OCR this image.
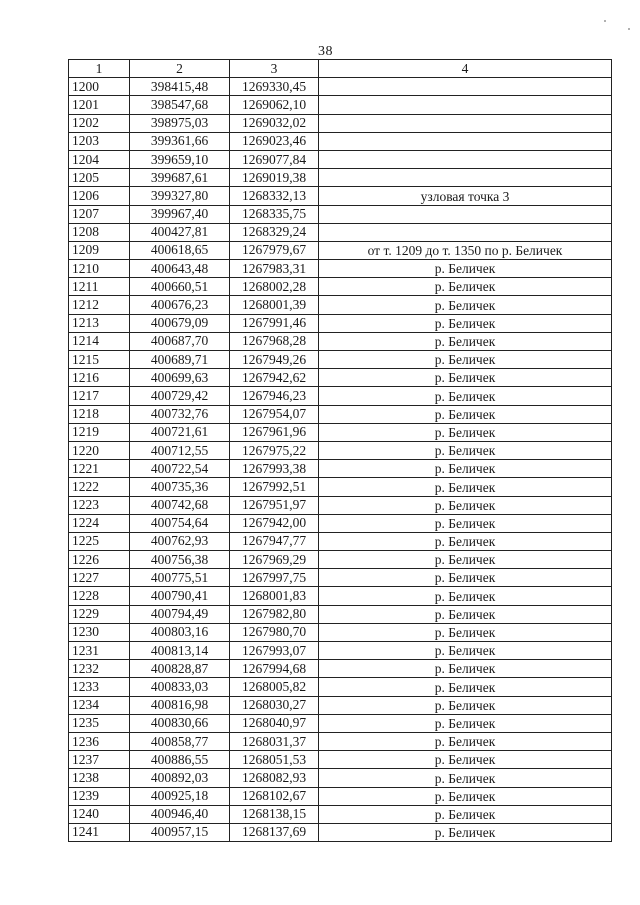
38
1	2	3	4
1200	398415,48	1269330,45	
1201	398547,68	1269062,10	
1202	398975,03	1269032,02	
1203	399361,66	1269023,46	
1204	399659,10	1269077,84	
1205	399687,61	1269019,38	
1206	399327,80	1268332,13	узловая точка 3
1207	399967,40	1268335,75	
1208	400427,81	1268329,24	
1209	400618,65	1267979,67	от т. 1209 до т. 1350 по р. Беличек
1210	400643,48	1267983,31	р. Беличек
1211	400660,51	1268002,28	р. Беличек
1212	400676,23	1268001,39	р. Беличек
1213	400679,09	1267991,46	р. Беличек
1214	400687,70	1267968,28	р. Беличек
1215	400689,71	1267949,26	р. Беличек
1216	400699,63	1267942,62	р. Беличек
1217	400729,42	1267946,23	р. Беличек
1218	400732,76	1267954,07	р. Беличек
1219	400721,61	1267961,96	р. Беличек
1220	400712,55	1267975,22	р. Беличек
1221	400722,54	1267993,38	р. Беличек
1222	400735,36	1267992,51	р. Беличек
1223	400742,68	1267951,97	р. Беличек
1224	400754,64	1267942,00	р. Беличек
1225	400762,93	1267947,77	р. Беличек
1226	400756,38	1267969,29	р. Беличек
1227	400775,51	1267997,75	р. Беличек
1228	400790,41	1268001,83	р. Беличек
1229	400794,49	1267982,80	р. Беличек
1230	400803,16	1267980,70	р. Беличек
1231	400813,14	1267993,07	р. Беличек
1232	400828,87	1267994,68	р. Беличек
1233	400833,03	1268005,82	р. Беличек
1234	400816,98	1268030,27	р. Беличек
1235	400830,66	1268040,97	р. Беличек
1236	400858,77	1268031,37	р. Беличек
1237	400886,55	1268051,53	р. Беличек
1238	400892,03	1268082,93	р. Беличек
1239	400925,18	1268102,67	р. Беличек
1240	400946,40	1268138,15	р. Беличек
1241	400957,15	1268137,69	р. Беличек
